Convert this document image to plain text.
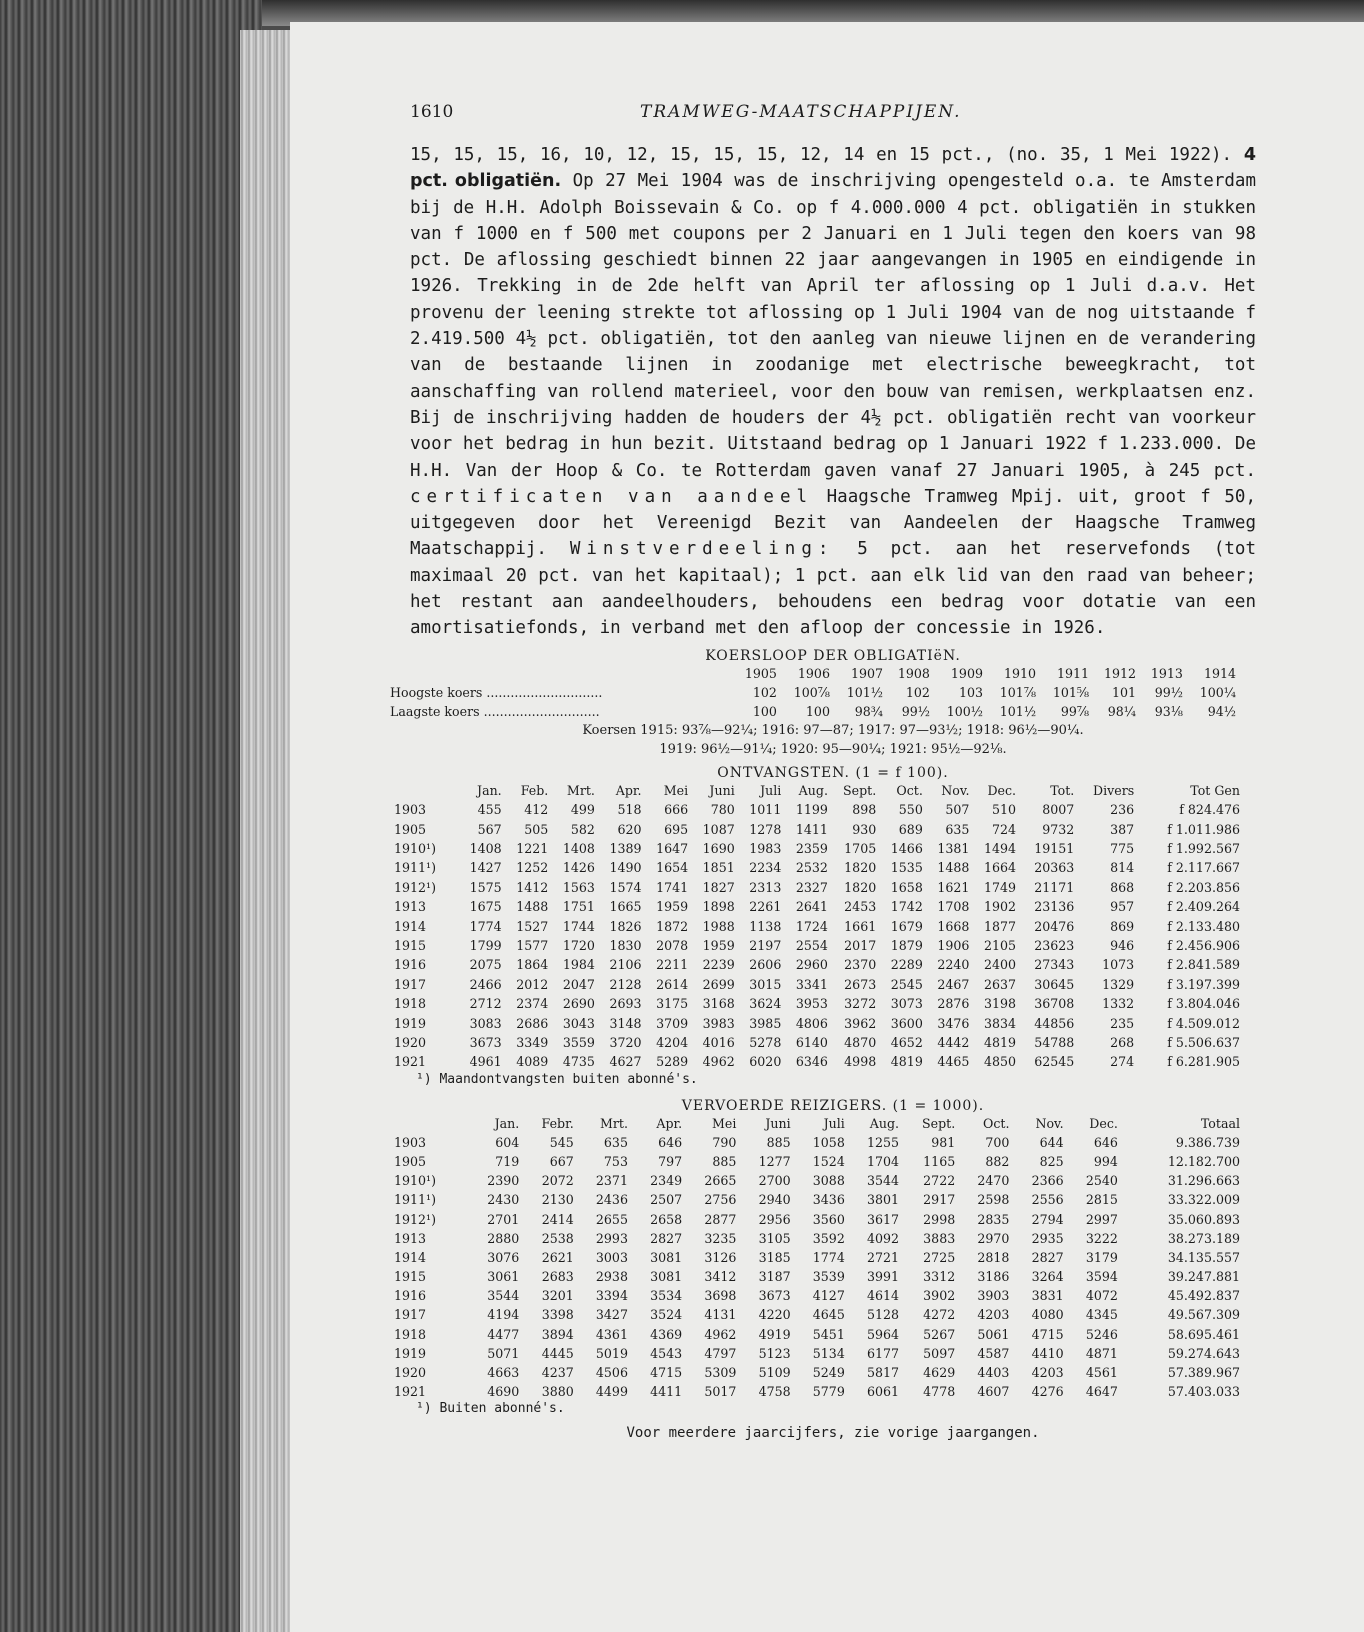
1610	TRAMWEG-MAATSCHAPPIJEN.

15, 15, 15, 16, 10, 12, 15, 15, 15, 12, 14 en 15 pct., (no. 35, 1 Mei 1922). 4 pct. obligatiën. Op 27 Mei 1904 was de inschrijving opengesteld o.a. te Amsterdam bij de H.H. Adolph Boissevain & Co. op f 4.000.000 4 pct. obligatiën in stukken van f 1000 en f 500 met coupons per 2 Januari en 1 Juli tegen den koers van 98 pct. De aflossing geschiedt binnen 22 jaar aangevangen in 1905 en eindigende in 1926. Trekking in de 2de helft van April ter aflossing op 1 Juli d.a.v. Het provenu der leening strekte tot aflossing op 1 Juli 1904 van de nog uitstaande f 2.419.500 4½ pct. obligatiën, tot den aanleg van nieuwe lijnen en de verandering van de bestaande lijnen in zoodanige met electrische beweegkracht, tot aanschaffing van rollend materieel, voor den bouw van remisen, werkplaatsen enz. Bij de inschrijving hadden de houders der 4½ pct. obligatiën recht van voorkeur voor het bedrag in hun bezit. Uitstaand bedrag op 1 Januari 1922 f 1.233.000. De H.H. Van der Hoop & Co. te Rotterdam gaven vanaf 27 Januari 1905, à 245 pct. certificaten van aandeel Haagsche Tramweg Mpij. uit, groot f 50, uitgegeven door het Vereenigd Bezit van Aandeelen der Haagsche Tramweg Maatschappij. Winstverdeeling: 5 pct. aan het reservefonds (tot maximaal 20 pct. van het kapitaal); 1 pct. aan elk lid van den raad van beheer; het restant aan aandeelhouders, behoudens een bedrag voor dotatie van een amortisatiefonds, in verband met den afloop der concessie in 1926.

KOERSLOOP DER OBLIGATIëN.
	1905	1906	1907	1908	1909	1910	1911	1912	1913	1914
Hoogste koers .............................	102	100⅞	101½	102	103	101⅞	101⅝	101	99½	100¼
Laagste koers .............................	100	100	98¾	99½	100½	101½	99⅞	98¼	93⅛	94½
Koersen 1915: 93⅞—92¼; 1916: 97—87; 1917: 97—93½; 1918: 96½—90¼.
1919: 96½—91¼; 1920: 95—90¼; 1921: 95½—92⅛.
ONTVANGSTEN. (1 = f 100).
	Jan.	Feb.	Mrt.	Apr.	Mei	Juni	Juli	Aug.	Sept.	Oct.	Nov.	Dec.	Tot.	Divers	Tot Gen
1903	455	412	499	518	666	780	1011	1199	898	550	507	510	8007	236	f 824.476
1905	567	505	582	620	695	1087	1278	1411	930	689	635	724	9732	387	f 1.011.986
1910¹)	1408	1221	1408	1389	1647	1690	1983	2359	1705	1466	1381	1494	19151	775	f 1.992.567
1911¹)	1427	1252	1426	1490	1654	1851	2234	2532	1820	1535	1488	1664	20363	814	f 2.117.667
1912¹)	1575	1412	1563	1574	1741	1827	2313	2327	1820	1658	1621	1749	21171	868	f 2.203.856
1913	1675	1488	1751	1665	1959	1898	2261	2641	2453	1742	1708	1902	23136	957	f 2.409.264
1914	1774	1527	1744	1826	1872	1988	1138	1724	1661	1679	1668	1877	20476	869	f 2.133.480
1915	1799	1577	1720	1830	2078	1959	2197	2554	2017	1879	1906	2105	23623	946	f 2.456.906
1916	2075	1864	1984	2106	2211	2239	2606	2960	2370	2289	2240	2400	27343	1073	f 2.841.589
1917	2466	2012	2047	2128	2614	2699	3015	3341	2673	2545	2467	2637	30645	1329	f 3.197.399
1918	2712	2374	2690	2693	3175	3168	3624	3953	3272	3073	2876	3198	36708	1332	f 3.804.046
1919	3083	2686	3043	3148	3709	3983	3985	4806	3962	3600	3476	3834	44856	235	f 4.509.012
1920	3673	3349	3559	3720	4204	4016	5278	6140	4870	4652	4442	4819	54788	268	f 5.506.637
1921	4961	4089	4735	4627	5289	4962	6020	6346	4998	4819	4465	4850	62545	274	f 6.281.905
¹) Maandontvangsten buiten abonné's.
VERVOERDE REIZIGERS. (1 = 1000).
	Jan.	Febr.	Mrt.	Apr.	Mei	Juni	Juli	Aug.	Sept.	Oct.	Nov.	Dec.	Totaal
1903	604	545	635	646	790	885	1058	1255	981	700	644	646	9.386.739
1905	719	667	753	797	885	1277	1524	1704	1165	882	825	994	12.182.700
1910¹)	2390	2072	2371	2349	2665	2700	3088	3544	2722	2470	2366	2540	31.296.663
1911¹)	2430	2130	2436	2507	2756	2940	3436	3801	2917	2598	2556	2815	33.322.009
1912¹)	2701	2414	2655	2658	2877	2956	3560	3617	2998	2835	2794	2997	35.060.893
1913	2880	2538	2993	2827	3235	3105	3592	4092	3883	2970	2935	3222	38.273.189
1914	3076	2621	3003	3081	3126	3185	1774	2721	2725	2818	2827	3179	34.135.557
1915	3061	2683	2938	3081	3412	3187	3539	3991	3312	3186	3264	3594	39.247.881
1916	3544	3201	3394	3534	3698	3673	4127	4614	3902	3903	3831	4072	45.492.837
1917	4194	3398	3427	3524	4131	4220	4645	5128	4272	4203	4080	4345	49.567.309
1918	4477	3894	4361	4369	4962	4919	5451	5964	5267	5061	4715	5246	58.695.461
1919	5071	4445	5019	4543	4797	5123	5134	6177	5097	4587	4410	4871	59.274.643
1920	4663	4237	4506	4715	5309	5109	5249	5817	4629	4403	4203	4561	57.389.967
1921	4690	3880	4499	4411	5017	4758	5779	6061	4778	4607	4276	4647	57.403.033
¹) Buiten abonné's.
Voor meerdere jaarcijfers, zie vorige jaargangen.
